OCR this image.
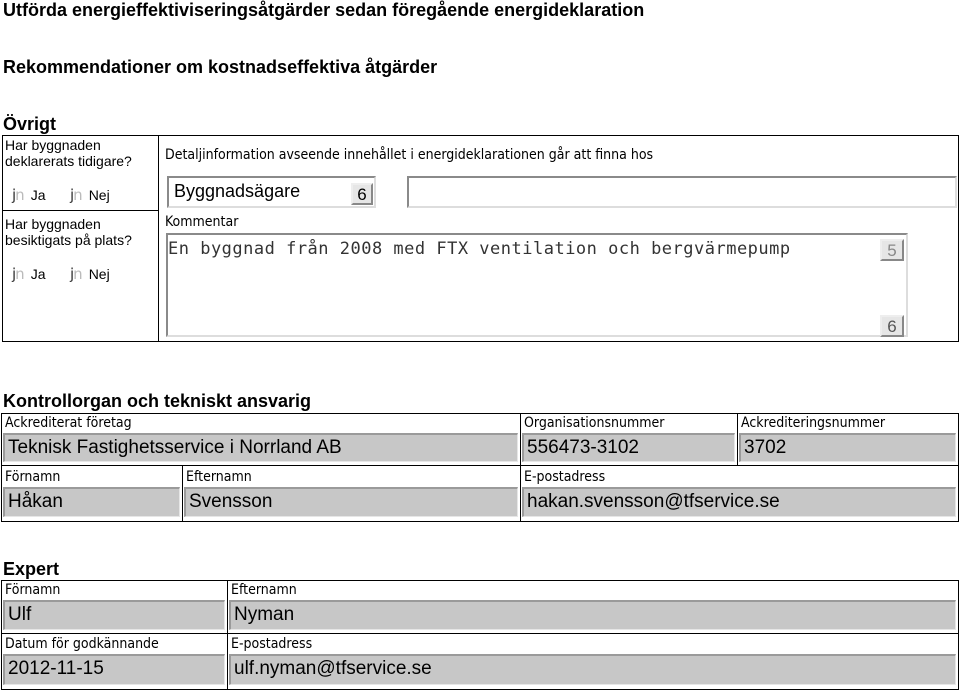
Utförda energieffektiviseringsåtgärder sedan föregående energideklaration
Rekommendationer om kostnadseffektiva åtgärder
Övrigt
Har byggnaden deklarerats tidigare?
jn Ja jn Nej
Har byggnaden besiktigats på plats?
jn Ja jn Nej
Detaljinformation avseende innehållet i energideklarationen går att finna hos
Byggnadsägare	6
Kommentar
En byggnad från 2008 med FTX ventilation och bergvärmepump	5
6
Kontrollorgan och tekniskt ansvarig
Ackrediterat företag
Teknisk Fastighetsservice i Norrland AB
Organisationsnummer
556473-3102
Ackrediteringsnummer
3702
Förnamn
Håkan
Efternamn
Svensson
E-postadress
hakan.svensson@tfservice.se
Expert
Förnamn
Ulf
Efternamn
Nyman
Datum för godkännande
2012-11-15
E-postadress
ulf.nyman@tfservice.se
